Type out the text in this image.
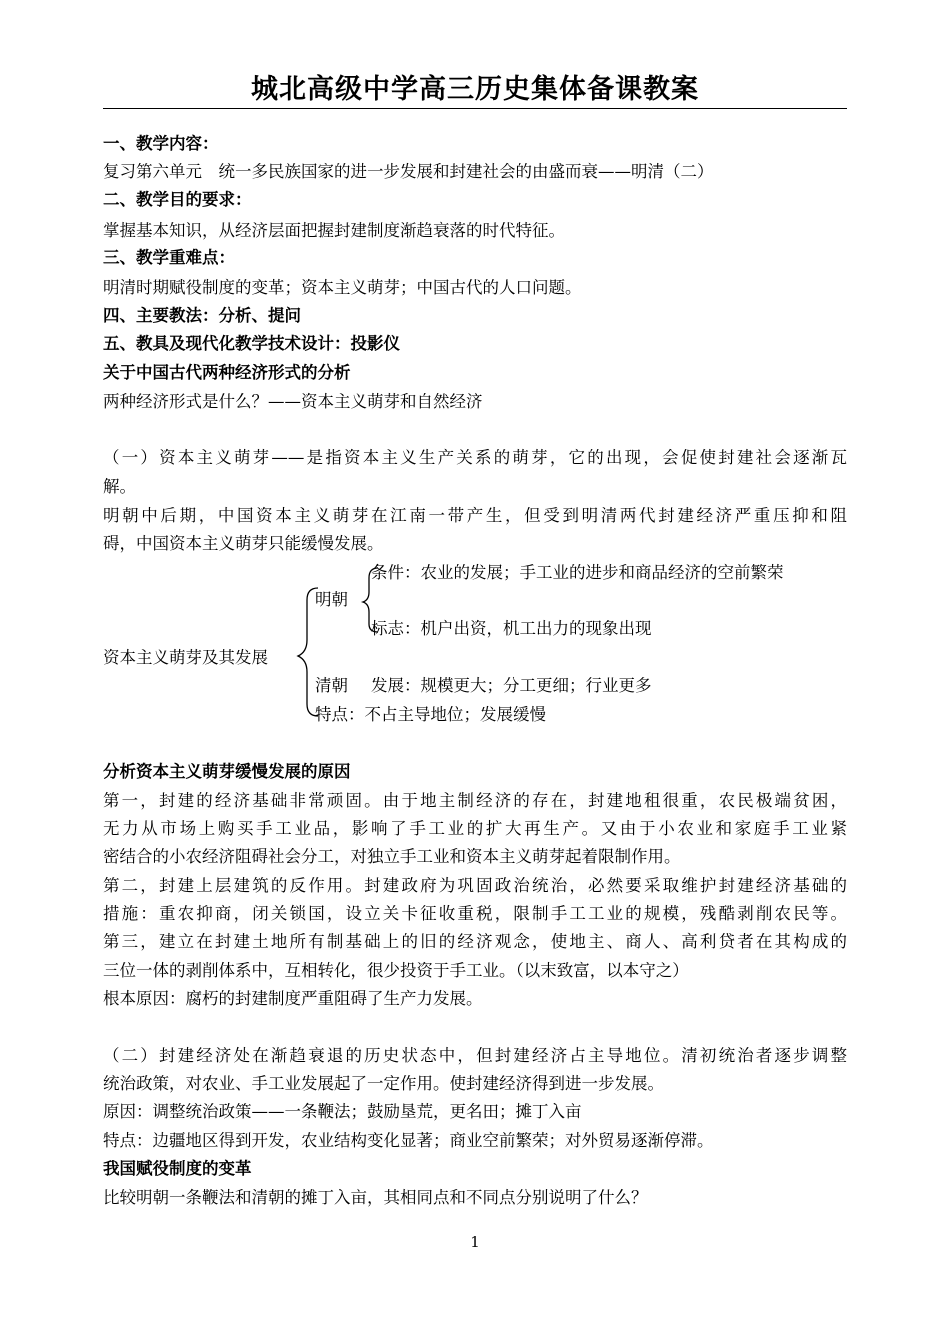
城北高级中学高三历史集体备课教案
一、教学内容：
复习第六单元　统一多民族国家的进一步发展和封建社会的由盛而衰——明清（二）
二、教学目的要求：
掌握基本知识，从经济层面把握封建制度渐趋衰落的时代特征。
三、教学重难点：
明清时期赋役制度的变革；资本主义萌芽；中国古代的人口问题。
四、主要教法：分析、提问
五、教具及现代化教学技术设计：投影仪
关于中国古代两种经济形式的分析
两种经济形式是什么？——资本主义萌芽和自然经济
（一）资本主义萌芽——是指资本主义生产关系的萌芽，它的出现，会促使封建社会逐渐瓦
解。
明朝中后期，中国资本主义萌芽在江南一带产生，但受到明清两代封建经济严重压抑和阻
碍，中国资本主义萌芽只能缓慢发展。
资本主义萌芽及其发展
明朝
条件：农业的发展；手工业的进步和商品经济的空前繁荣
标志：机户出资，机工出力的现象出现
清朝 发展：规模更大；分工更细；行业更多
特点：不占主导地位；发展缓慢
分析资本主义萌芽缓慢发展的原因
第一，封建的经济基础非常顽固。由于地主制经济的存在，封建地租很重，农民极端贫困，
无力从市场上购买手工业品，影响了手工业的扩大再生产。又由于小农业和家庭手工业紧
密结合的小农经济阻碍社会分工，对独立手工业和资本主义萌芽起着限制作用。
第二，封建上层建筑的反作用。封建政府为巩固政治统治，必然要采取维护封建经济基础的
措施：重农抑商，闭关锁国，设立关卡征收重税，限制手工工业的规模，残酷剥削农民等。
第三，建立在封建土地所有制基础上的旧的经济观念，使地主、商人、高利贷者在其构成的
三位一体的剥削体系中，互相转化，很少投资于手工业。（以末致富，以本守之）
根本原因：腐朽的封建制度严重阻碍了生产力发展。
（二）封建经济处在渐趋衰退的历史状态中，但封建经济占主导地位。清初统治者逐步调整
统治政策，对农业、手工业发展起了一定作用。使封建经济得到进一步发展。
原因：调整统治政策——一条鞭法；鼓励垦荒，更名田；摊丁入亩
特点：边疆地区得到开发，农业结构变化显著；商业空前繁荣；对外贸易逐渐停滞。
我国赋役制度的变革
比较明朝一条鞭法和清朝的摊丁入亩，其相同点和不同点分别说明了什么？
1
